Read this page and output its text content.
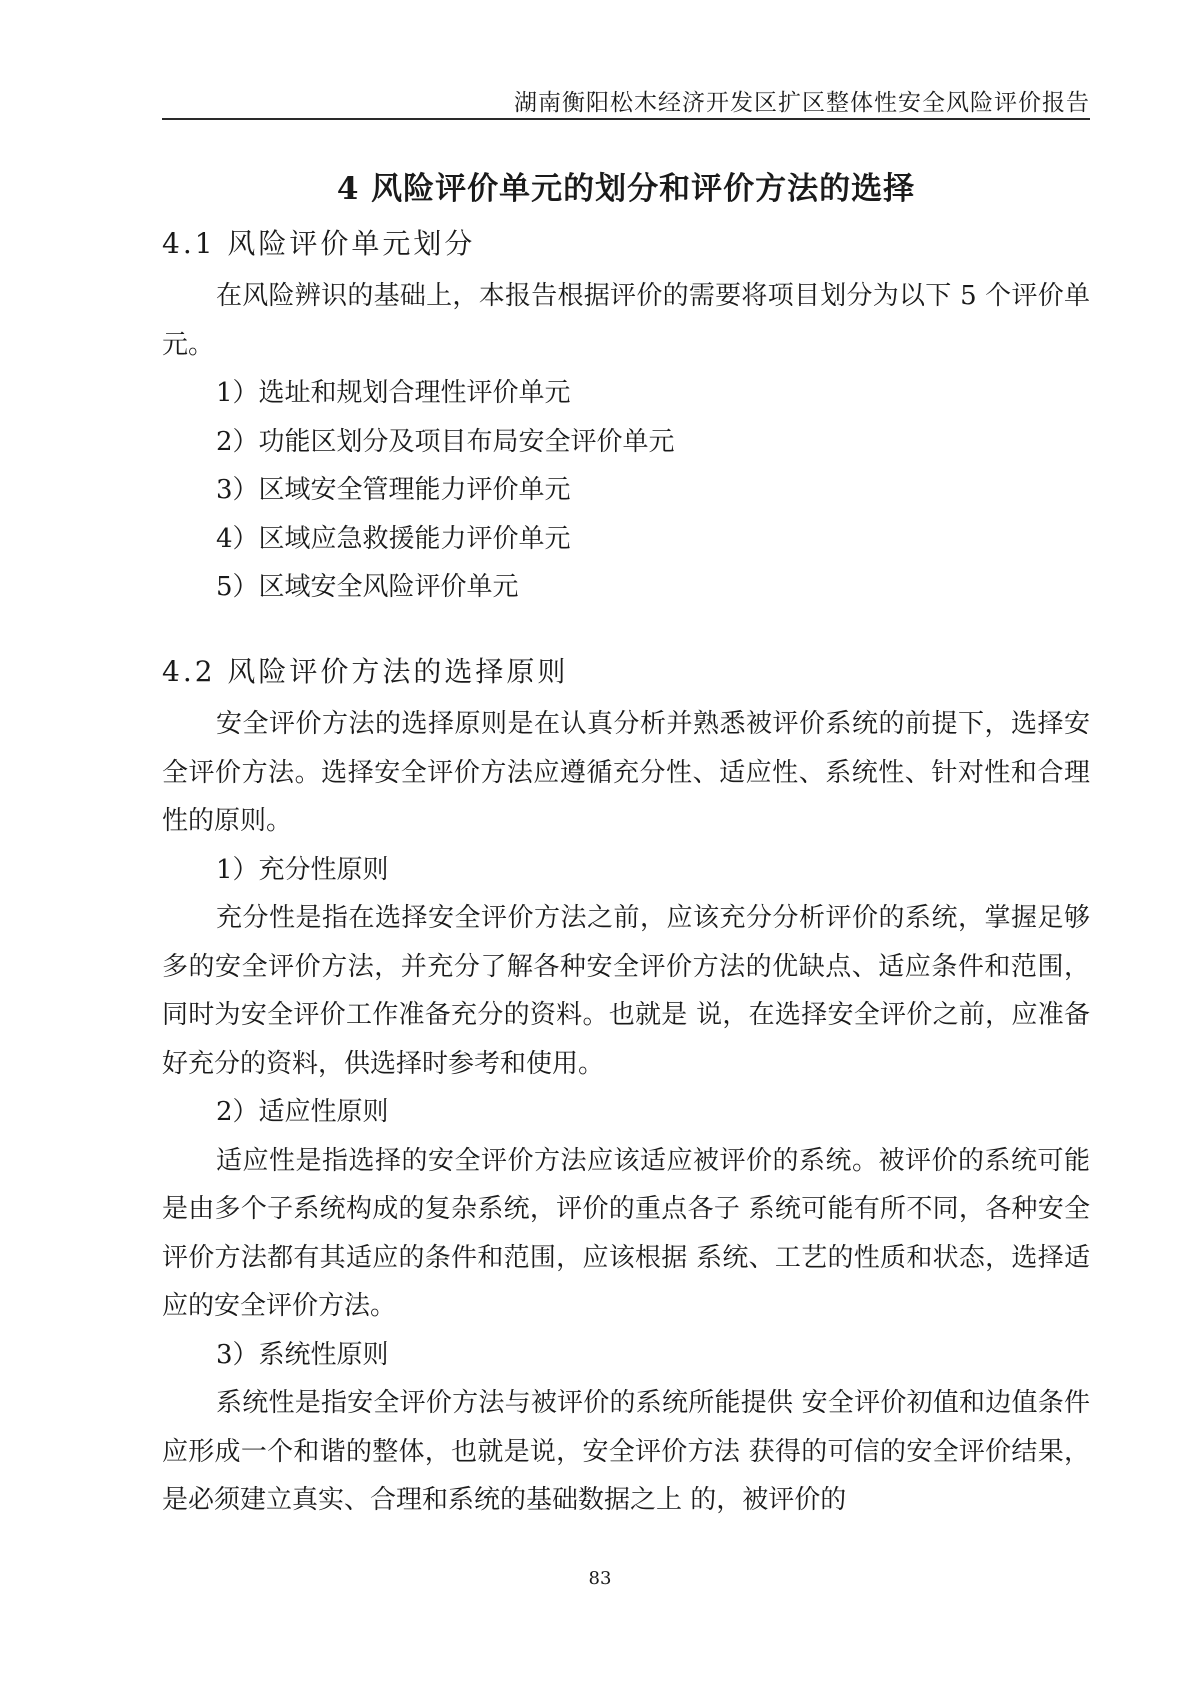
湖南衡阳松木经济开发区扩区整体性安全风险评价报告
4 风险评价单元的划分和评价方法的选择
4.1 风险评价单元划分

在风险辨识的基础上，本报告根据评价的需要将项目划分为以下 5 个评价单元。

1）选址和规划合理性评价单元

2）功能区划分及项目布局安全评价单元

3）区域安全管理能力评价单元

4）区域应急救援能力评价单元

5）区域安全风险评价单元

4.2 风险评价方法的选择原则

安全评价方法的选择原则是在认真分析并熟悉被评价系统的前提下，选择安全评价方法。选择安全评价方法应遵循充分性、适应性、系统性、针对性和合理性的原则。

1）充分性原则

充分性是指在选择安全评价方法之前，应该充分分析评价的系统，掌握足够多的安全评价方法，并充分了解各种安全评价方法的优缺点、适应条件和范围，同时为安全评价工作准备充分的资料。也就是 说，在选择安全评价之前，应准备好充分的资料，供选择时参考和使用。

2）适应性原则

适应性是指选择的安全评价方法应该适应被评价的系统。被评价的系统可能是由多个子系统构成的复杂系统，评价的重点各子 系统可能有所不同，各种安全评价方法都有其适应的条件和范围，应该根据 系统、工艺的性质和状态，选择适应的安全评价方法。

3）系统性原则

系统性是指安全评价方法与被评价的系统所能提供 安全评价初值和边值条件应形成一个和谐的整体，也就是说，安全评价方法 获得的可信的安全评价结果，是必须建立真实、合理和系统的基础数据之上 的，被评价的

83
